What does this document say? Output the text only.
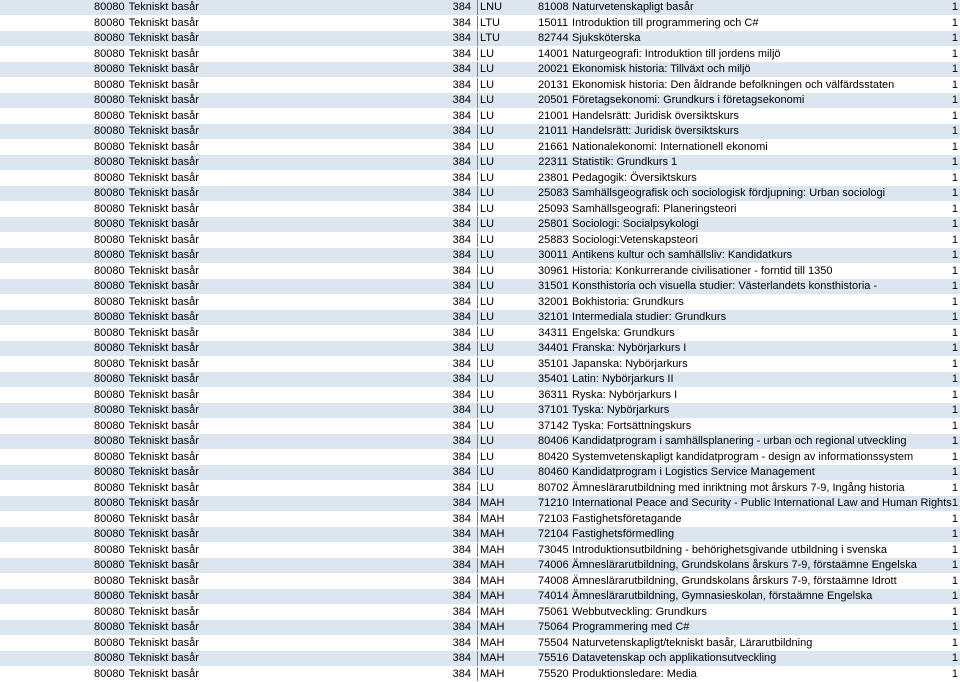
80080 Tekniskt basår 384	LNU 81008 Naturvetenskapligt basår	1
80080 Tekniskt basår 384	LTU 15011 Introduktion till programmering och C#	1
80080 Tekniskt basår 384	LTU 82744 Sjuksköterska	1
80080 Tekniskt basår 384	LU 14001 Naturgeografi: Introduktion till jordens miljö	1
80080 Tekniskt basår 384	LU 20021 Ekonomisk historia: Tillväxt och miljö	1
80080 Tekniskt basår 384	LU 20131 Ekonomisk historia: Den åldrande befolkningen och välfärdsstaten	1
80080 Tekniskt basår 384	LU 20501 Företagsekonomi: Grundkurs i företagsekonomi	1
80080 Tekniskt basår 384	LU 21001 Handelsrätt: Juridisk översiktskurs	1
80080 Tekniskt basår 384	LU 21011 Handelsrätt: Juridisk översiktskurs	1
80080 Tekniskt basår 384	LU 21661 Nationalekonomi: Internationell ekonomi	1
80080 Tekniskt basår 384	LU 22311 Statistik: Grundkurs 1	1
80080 Tekniskt basår 384	LU 23801 Pedagogik: Översiktskurs	1
80080 Tekniskt basår 384	LU 25083 Samhällsgeografisk och sociologisk fördjupning: Urban sociologi	1
80080 Tekniskt basår 384	LU 25093 Samhällsgeografi: Planeringsteori	1
80080 Tekniskt basår 384	LU 25801 Sociologi: Socialpsykologi	1
80080 Tekniskt basår 384	LU 25883 Sociologi:Vetenskapsteori	1
80080 Tekniskt basår 384	LU 30011 Antikens kultur och samhällsliv: Kandidatkurs	1
80080 Tekniskt basår 384	LU 30961 Historia: Konkurrerande civilisationer - forntid till 1350	1
80080 Tekniskt basår 384	LU 31501 Konsthistoria och visuella studier: Västerlandets konsthistoria -	1
80080 Tekniskt basår 384	LU 32001 Bokhistoria: Grundkurs	1
80080 Tekniskt basår 384	LU 32101 Intermediala studier: Grundkurs	1
80080 Tekniskt basår 384	LU 34311 Engelska: Grundkurs	1
80080 Tekniskt basår 384	LU 34401 Franska: Nybörjarkurs I	1
80080 Tekniskt basår 384	LU 35101 Japanska: Nybörjarkurs	1
80080 Tekniskt basår 384	LU 35401 Latin: Nybörjarkurs II	1
80080 Tekniskt basår 384	LU 36311 Ryska: Nybörjarkurs I	1
80080 Tekniskt basår 384	LU 37101 Tyska: Nybörjarkurs	1
80080 Tekniskt basår 384	LU 37142 Tyska: Fortsättningskurs	1
80080 Tekniskt basår 384	LU 80406 Kandidatprogram i samhällsplanering - urban och regional utveckling	1
80080 Tekniskt basår 384	LU 80420 Systemvetenskapligt kandidatprogram - design av informationssystem	1
80080 Tekniskt basår 384	LU 80460 Kandidatprogram i Logistics Service Management	1
80080 Tekniskt basår 384	LU 80702 Ämneslärarutbildning med inriktning mot årskurs 7-9, Ingång historia	1
80080 Tekniskt basår 384	MAH 71210 International Peace and Security - Public International Law and Human Rights	1
80080 Tekniskt basår 384	MAH 72103 Fastighetsföretagande	1
80080 Tekniskt basår 384	MAH 72104 Fastighetsförmedling	1
80080 Tekniskt basår 384	MAH 73045 Introduktionsutbildning - behörighetsgivande utbildning i svenska	1
80080 Tekniskt basår 384	MAH 74006 Ämneslärarutbildning, Grundskolans årskurs 7-9, förstaämne Engelska	1
80080 Tekniskt basår 384	MAH 74008 Ämneslärarutbildning, Grundskolans årskurs 7-9, förstaämne Idrott	1
80080 Tekniskt basår 384	MAH 74014 Ämneslärarutbildning, Gymnasieskolan, förstaämne Engelska	1
80080 Tekniskt basår 384	MAH 75061 Webbutveckling: Grundkurs	1
80080 Tekniskt basår 384	MAH 75064 Programmering med C#	1
80080 Tekniskt basår 384	MAH 75504 Naturvetenskapligt/tekniskt basår, Lärarutbildning	1
80080 Tekniskt basår 384	MAH 75516 Datavetenskap och applikationsutveckling	1
80080 Tekniskt basår 384	MAH 75520 Produktionsledare: Media	1
